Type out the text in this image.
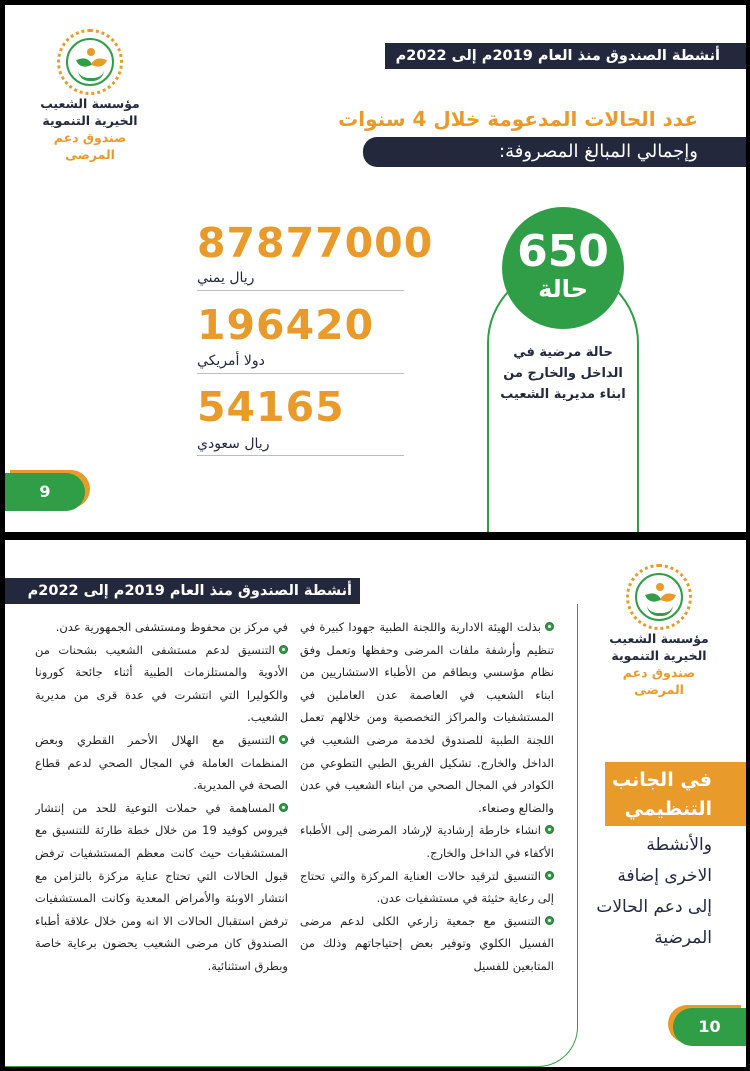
أنشطة الصندوق منذ العام 2019م إلى 2022م
مؤسسة الشعيب
الخيرية التنموية
صندوق دعم المرضى
عدد الحالات المدعومة خلال 4 سنوات
وإجمالي المبالغ المصروفة:
87877000
ريال يمني
196420
دولا أمريكي
54165
ريال سعودي
650
حالة
حالة مرضية في
الداخل والخارج من
ابناء مديرية الشعيب
9
أنشطة الصندوق منذ العام 2019م إلى 2022م
مؤسسة الشعيب
الخيرية التنموية
صندوق دعم المرضى
في الجانب
التنظيمي
والأنشطة
الاخرى إضافة
إلى دعم الحالات
المرضية

بذلت الهيئة الادارية واللجنة الطبية جهودا كبيرة في تنظيم وأرشفة ملفات المرضى وحفظها وتعمل وفق نظام مؤسسي وبطاقم من الأطباء الاستشاريين من ابناء الشعيب في العاصمة عدن العاملين في المستشفيات والمراكز التخصصية ومن خلالهم تعمل اللجنة الطبية للصندوق لخدمة مرضى الشعيب في الداخل والخارج. تشكيل الفريق الطبي التطوعي من الكوادر في المجال الصحي من ابناء الشعيب في عدن والضالع وصنعاء.

انشاء خارطة إرشادية لإرشاد المرضى إلى الأطباء الأكفاء في الداخل والخارج.

التنسيق لترقيد حالات العناية المركزة والتي تحتاج إلى رعاية حثيثة في مستشفيات عدن.

التنسيق مع جمعية زارعي الكلى لدعم مرضى الفسيل الكلوي وتوفير بعض إحتياجاتهم وذلك من المتابعين للفسيل

في مركز بن محفوظ ومستشفى الجمهورية عدن.

التنسيق لدعم مستشفى الشعيب بشحنات من الأدوية والمستلزمات الطبية أثناء جائحة كورونا والكوليرا التي انتشرت في عدة قرى من مديرية الشعيب.

التنسيق مع الهلال الأحمر القطري وبعض المنظمات العاملة في المجال الصحي لدعم قطاع الصحة في المديرية.

المساهمة في حملات التوعية للحد من إنتشار فيروس كوفيد 19 من خلال خطة طارئة للتنسيق مع المستشفيات حيث كانت معظم المستشفيات ترفض قبول الحالات التي تحتاج عناية مركزة بالتزامن مع انتشار الاوبئة والأمراض المعدية وكانت المستشفيات ترفض استقبال الحالات الا انه ومن خلال علاقة أطباء الصندوق كان مرضى الشعيب يحضون برعاية خاصة وبطرق استثنائية.

10
